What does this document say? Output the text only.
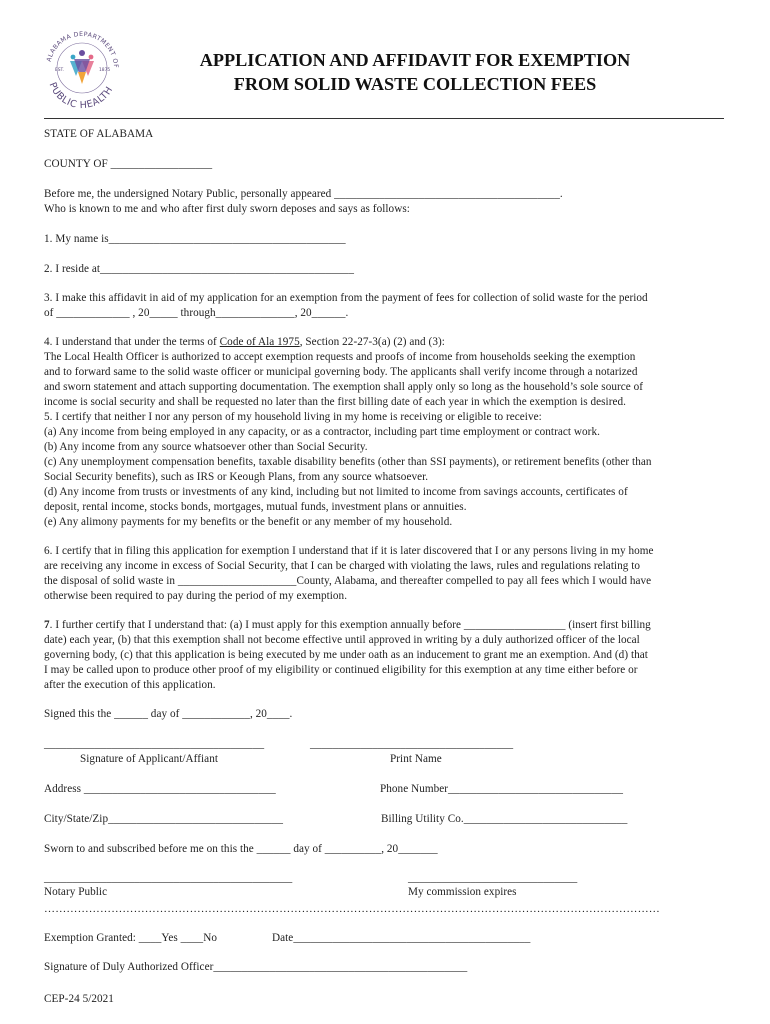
ALABAMA DEPARTMENT OF
PUBLIC HEALTH
EST.	1875
APPLICATION AND AFFIDAVIT FOR EXEMPTION
FROM SOLID WASTE COLLECTION FEES
STATE OF ALABAMA
COUNTY OF __________________
Before me, the undersigned Notary Public, personally appeared ________________________________________.
Who is known to me and who after first duly sworn deposes and says as follows:
1. My name is__________________________________________
2. I reside at_____________________________________________
3. I make this affidavit in aid of my application for an exemption from the payment of fees for collection of solid waste for the period
of _____________ , 20_____ through______________, 20______.
4. I understand that under the terms of Code of Ala 1975, Section 22-27-3(a) (2) and (3):
The Local Health Officer is authorized to accept exemption requests and proofs of income from households seeking the exemption
and to forward same to the solid waste officer or municipal governing body. The applicants shall verify income through a notarized
and sworn statement and attach supporting documentation. The exemption shall apply only so long as the household’s sole source of
income is social security and shall be requested no later than the first billing date of each year in which the exemption is desired.
5. I certify that neither I nor any person of my household living in my home is receiving or eligible to receive:
(a) Any income from being employed in any capacity, or as a contractor, including part time employment or contract work.
(b) Any income from any source whatsoever other than Social Security.
(c) Any unemployment compensation benefits, taxable disability benefits (other than SSI payments), or retirement benefits (other than
Social Security benefits), such as IRS or Keough Plans, from any source whatsoever.
(d) Any income from trusts or investments of any kind, including but not limited to income from savings accounts, certificates of
deposit, rental income, stocks bonds, mortgages, mutual funds, investment plans or annuities.
(e) Any alimony payments for my benefits or the benefit or any member of my household.
6. I certify that in filing this application for exemption I understand that if it is later discovered that I or any persons living in my home
are receiving any income in excess of Social Security, that I can be charged with violating the laws, rules and regulations relating to
the disposal of solid waste in _____________________County, Alabama, and thereafter compelled to pay all fees which I would have
otherwise been required to pay during the period of my exemption.
7. I further certify that I understand that: (a) I must apply for this exemption annually before __________________ (insert first billing
date) each year, (b) that this exemption shall not become effective until approved in writing by a duly authorized officer of the local
governing body, (c) that this application is being executed by me under oath as an inducement to grant me an exemption. And (d) that
I may be called upon to produce other proof of my eligibility or continued eligibility for this exemption at any time either before or
after the execution of this application.
Signed this the ______ day of ____________, 20____.
_______________________________________	____________________________________
Signature of Applicant/Affiant	Print Name
Address __________________________________	Phone Number_______________________________
City/State/Zip_______________________________	Billing Utility Co._____________________________
Sworn to and subscribed before me on this the ______ day of __________, 20_______
____________________________________________	______________________________
Notary Public	My commission expires
…………………………………………………………………………………………………………………………………………………
Exemption Granted: ____Yes ____No	Date__________________________________________
Signature of Duly Authorized Officer_____________________________________________
CEP-24 5/2021
